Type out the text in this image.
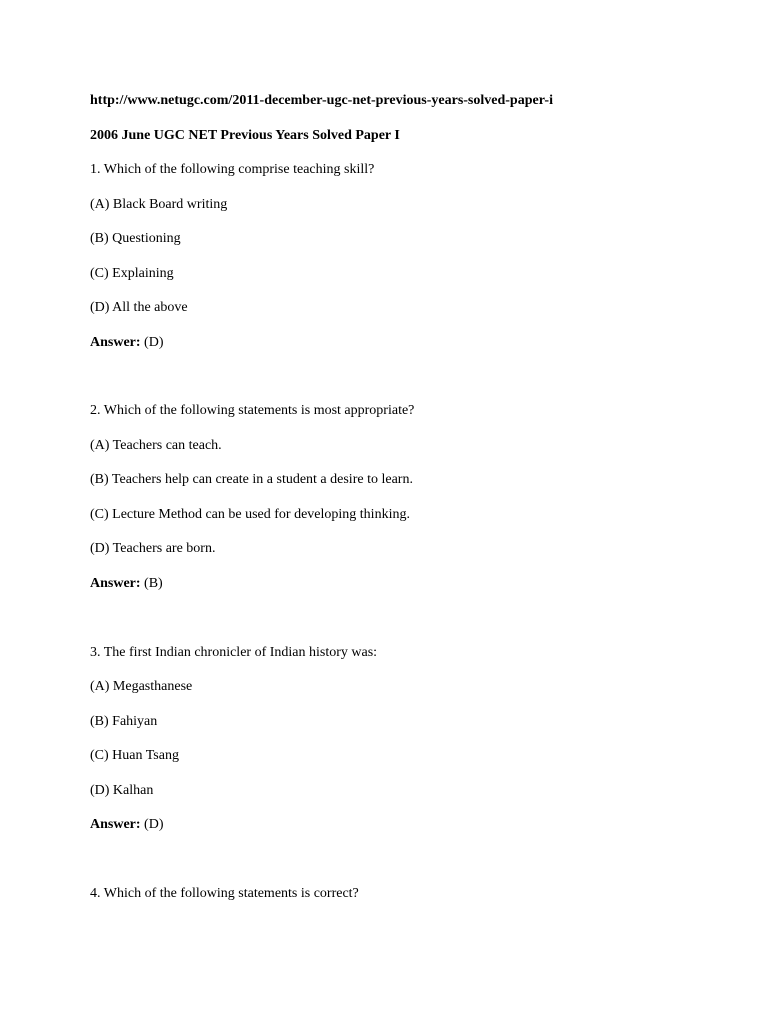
http://www.netugc.com/2011-december-ugc-net-previous-years-solved-paper-i
2006 June UGC NET Previous Years Solved Paper I
1. Which of the following comprise teaching skill?
(A) Black Board writing
(B) Questioning
(C) Explaining
(D) All the above
Answer: (D)
2. Which of the following statements is most appropriate?
(A) Teachers can teach.
(B) Teachers help can create in a student a desire to learn.
(C) Lecture Method can be used for developing thinking.
(D) Teachers are born.
Answer: (B)
3. The first Indian chronicler of Indian history was:
(A) Megasthanese
(B) Fahiyan
(C) Huan Tsang
(D) Kalhan
Answer: (D)
4. Which of the following statements is correct?
